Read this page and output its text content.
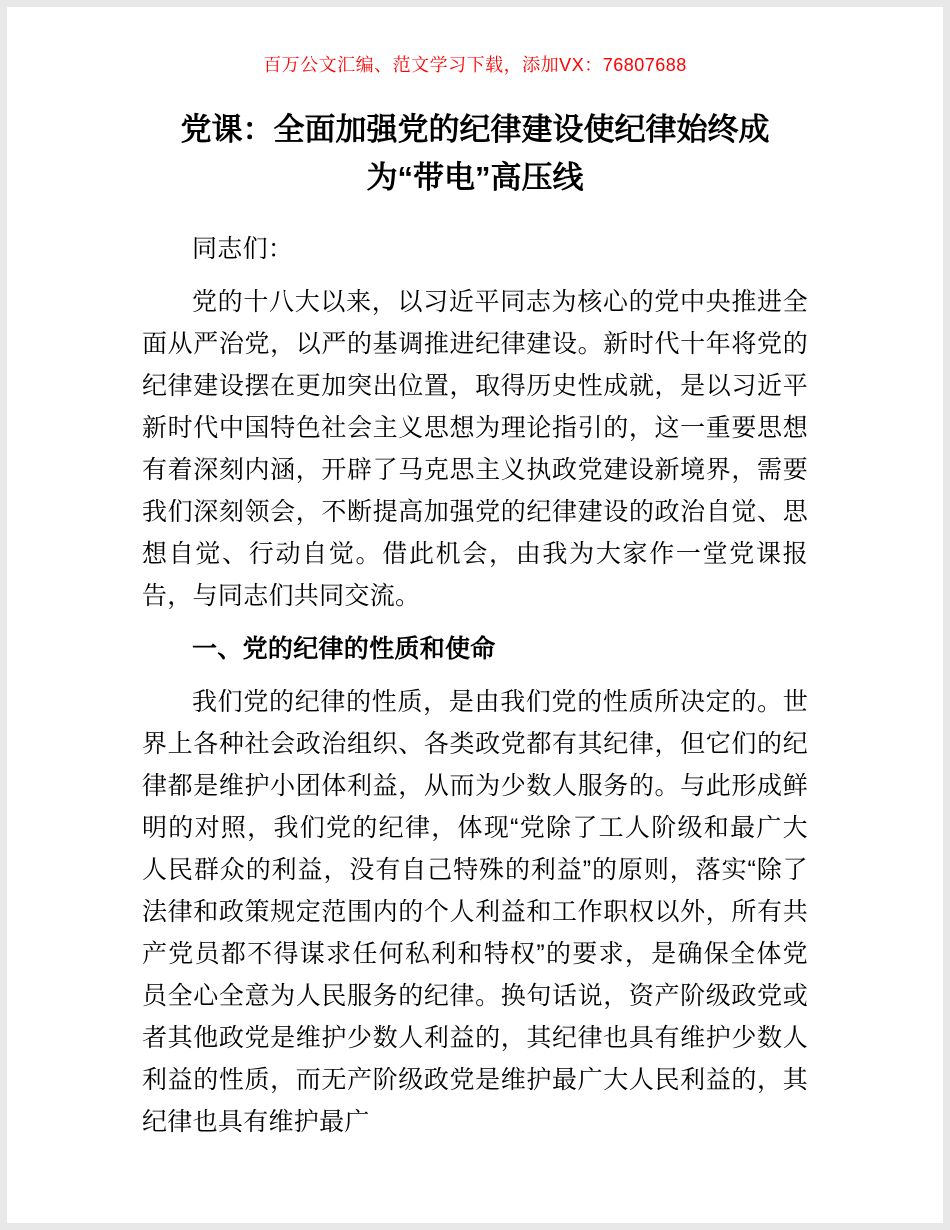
百万公文汇编、范文学习下载，添加VX：76807688
党课：全面加强党的纪律建设使纪律始终成为“带电”高压线

同志们：

党的十八大以来，以习近平同志为核心的党中央推进全面从严治党，以严的基调推进纪律建设。新时代十年将党的纪律建设摆在更加突出位置，取得历史性成就，是以习近平新时代中国特色社会主义思想为理论指引的，这一重要思想有着深刻内涵，开辟了马克思主义执政党建设新境界，需要我们深刻领会，不断提高加强党的纪律建设的政治自觉、思想自觉、行动自觉。借此机会，由我为大家作一堂党课报告，与同志们共同交流。

一、党的纪律的性质和使命

我们党的纪律的性质，是由我们党的性质所决定的。世界上各种社会政治组织、各类政党都有其纪律，但它们的纪律都是维护小团体利益，从而为少数人服务的。与此形成鲜明的对照，我们党的纪律，体现“党除了工人阶级和最广大人民群众的利益，没有自己特殊的利益”的原则，落实“除了法律和政策规定范围内的个人利益和工作职权以外，所有共产党员都不得谋求任何私利和特权”的要求，是确保全体党员全心全意为人民服务的纪律。换句话说，资产阶级政党或者其他政党是维护少数人利益的，其纪律也具有维护少数人利益的性质，而无产阶级政党是维护最广大人民利益的，其纪律也具有维护最广
